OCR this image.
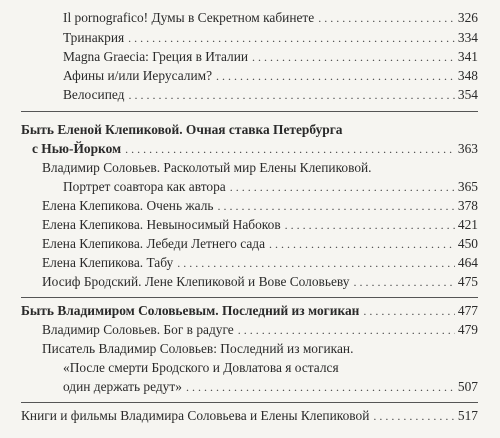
Il pornografico! Думы в Секретном кабинете . . .	326
Тринакрия . . .	334
Magna Graecia: Греция в Италии . . .	341
Афины и/или Иерусалим? . . .	348
Велосипед . . .	354
Быть Еленой Клепиковой. Очная ставка Петербурга
с Нью-Йорком . . .	363
Владимир Соловьев. Расколотый мир Елены Клепиковой.
Портрет соавтора как автора . . .	365
Елена Клепикова. Очень жаль . . .	378
Елена Клепикова. Невыносимый Набоков . . .	421
Елена Клепикова. Лебеди Летнего сада . . .	450
Елена Клепикова. Табу . . .	464
Иосиф Бродский. Лене Клепиковой и Вове Соловьеву . . .	475
Быть Владимиром Соловьевым. Последний из могикан . . .	477
Владимир Соловьев. Бог в радуге . . .	479
Писатель Владимир Соловьев: Последний из могикан.
«После смерти Бродского и Довлатова я остался
один держать редут» . . .	507
Книги и фильмы Владимира Соловьева и Елены Клепиковой . . .	517
